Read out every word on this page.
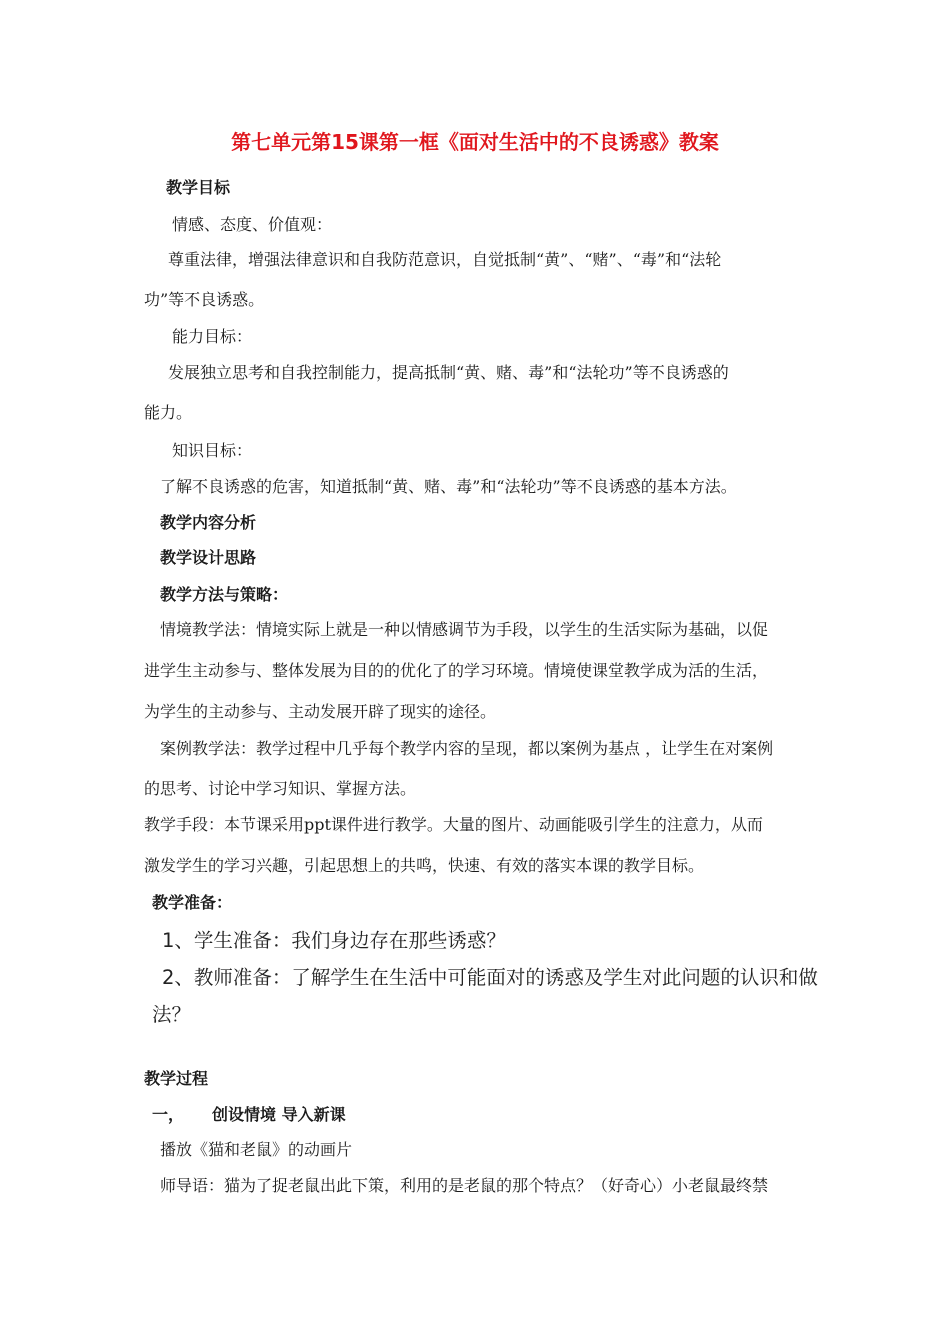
第七单元第15课第一框《面对生活中的不良诱惑》教案
教学目标
情感、态度、价值观：
尊重法律，增强法律意识和自我防范意识，自觉抵制“黄”、“赌”、“毒”和“法轮
功”等不良诱惑。
能力目标：
发展独立思考和自我控制能力，提高抵制“黄、赌、毒”和“法轮功”等不良诱惑的
能力。
知识目标：
了解不良诱惑的危害，知道抵制“黄、赌、毒”和“法轮功”等不良诱惑的基本方法。
教学内容分析
教学设计思路
教学方法与策略：
情境教学法：情境实际上就是一种以情感调节为手段，以学生的生活实际为基础，以促
进学生主动参与、整体发展为目的的优化了的学习环境。情境使课堂教学成为活的生活，
为学生的主动参与、主动发展开辟了现实的途径。
案例教学法：教学过程中几乎每个教学内容的呈现，都以案例为基点 ，让学生在对案例
的思考、讨论中学习知识、掌握方法。
教学手段：本节课采用ppt课件进行教学。大量的图片、动画能吸引学生的注意力，从而
激发学生的学习兴趣，引起思想上的共鸣，快速、有效的落实本课的教学目标。
教学准备：
1、学生准备：我们身边存在那些诱惑？
2、教师准备：了解学生在生活中可能面对的诱惑及学生对此问题的认识和做
法？
教学过程
一， 创设情境 导入新课
播放《猫和老鼠》的动画片
师导语：猫为了捉老鼠出此下策，利用的是老鼠的那个特点？（好奇心）小老鼠最终禁
